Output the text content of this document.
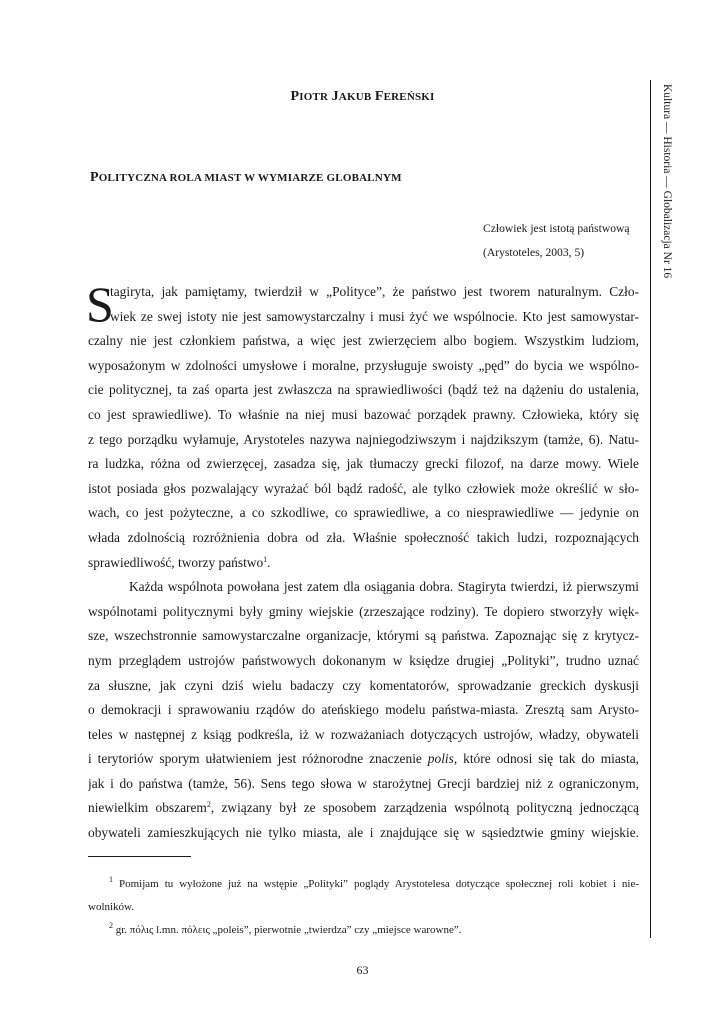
PIOTR JAKUB FEREŃSKI
POLITYCZNA ROLA MIAST W WYMIARZE GLOBALNYM
Człowiek jest istotą państwową
(Arystoteles, 2003, 5)	Kultura — Historia — Globalizacja Nr 16
S
tagiryta, jak pamiętamy, twierdził w „Polityce”, że państwo jest tworem naturalnym. Czło-
wiek ze swej istoty nie jest samowystarczalny i musi żyć we wspólnocie. Kto jest samowystar-
czalny nie jest członkiem państwa, a więc jest zwierzęciem albo bogiem. Wszystkim ludziom,
wyposażonym w zdolności umysłowe i moralne, przysługuje swoisty „pęd” do bycia we wspólno-
cie politycznej, ta zaś oparta jest zwłaszcza na sprawiedliwości (bądź też na dążeniu do ustalenia,
co jest sprawiedliwe). To właśnie na niej musi bazować porządek prawny. Człowieka, który się
z tego porządku wyłamuje, Arystoteles nazywa najniegodziwszym i najdzikszym (tamże, 6). Natu-
ra ludzka, różna od zwierzęcej, zasadza się, jak tłumaczy grecki filozof, na darze mowy. Wiele
istot posiada głos pozwalający wyrażać ból bądź radość, ale tylko człowiek może określić w sło-
wach, co jest pożyteczne, a co szkodliwe, co sprawiedliwe, a co niesprawiedliwe — jedynie on
włada zdolnością rozróżnienia dobra od zła. Właśnie społeczność takich ludzi, rozpoznających
sprawiedliwość, tworzy państwo$^1$.
Każda wspólnota powołana jest zatem dla osiągania dobra. Stagiryta twierdzi, iż pierwszymi
wspólnotami politycznymi były gminy wiejskie (zrzeszające rodziny). Te dopiero stworzyły więk-
sze, wszechstronnie samowystarczalne organizacje, którymi są państwa. Zapoznając się z krytycz-
nym przeglądem ustrojów państwowych dokonanym w księdze drugiej „Polityki”, trudno uznać
za słuszne, jak czyni dziś wielu badaczy czy komentatorów, sprowadzanie greckich dyskusji
o demokracji i sprawowaniu rządów do ateńskiego modelu państwa-miasta. Zresztą sam Arysto-
teles w następnej z ksiąg podkreśla, iż w rozważaniach dotyczących ustrojów, władzy, obywateli
i terytoriów sporym ułatwieniem jest różnorodne znaczenie polis, które odnosi się tak do miasta,
jak i do państwa (tamże, 56). Sens tego słowa w starożytnej Grecji bardziej niż z ograniczonym,
niewielkim obszarem$^2$, związany był ze sposobem zarządzenia wspólnotą polityczną jednoczącą
obywateli zamieszkujących nie tylko miasta, ale i znajdujące się w sąsiedztwie gminy wiejskie.
$^1$ Pomijam tu wyłożone już na wstępie „Polityki” poglądy Arystotelesa dotyczące społecznej roli kobiet i nie-
wolników.
$^2$ gr. πόλις l.mn. πόλεις „poleis”, pierwotnie „twierdza” czy „miejsce warowne”.
63
